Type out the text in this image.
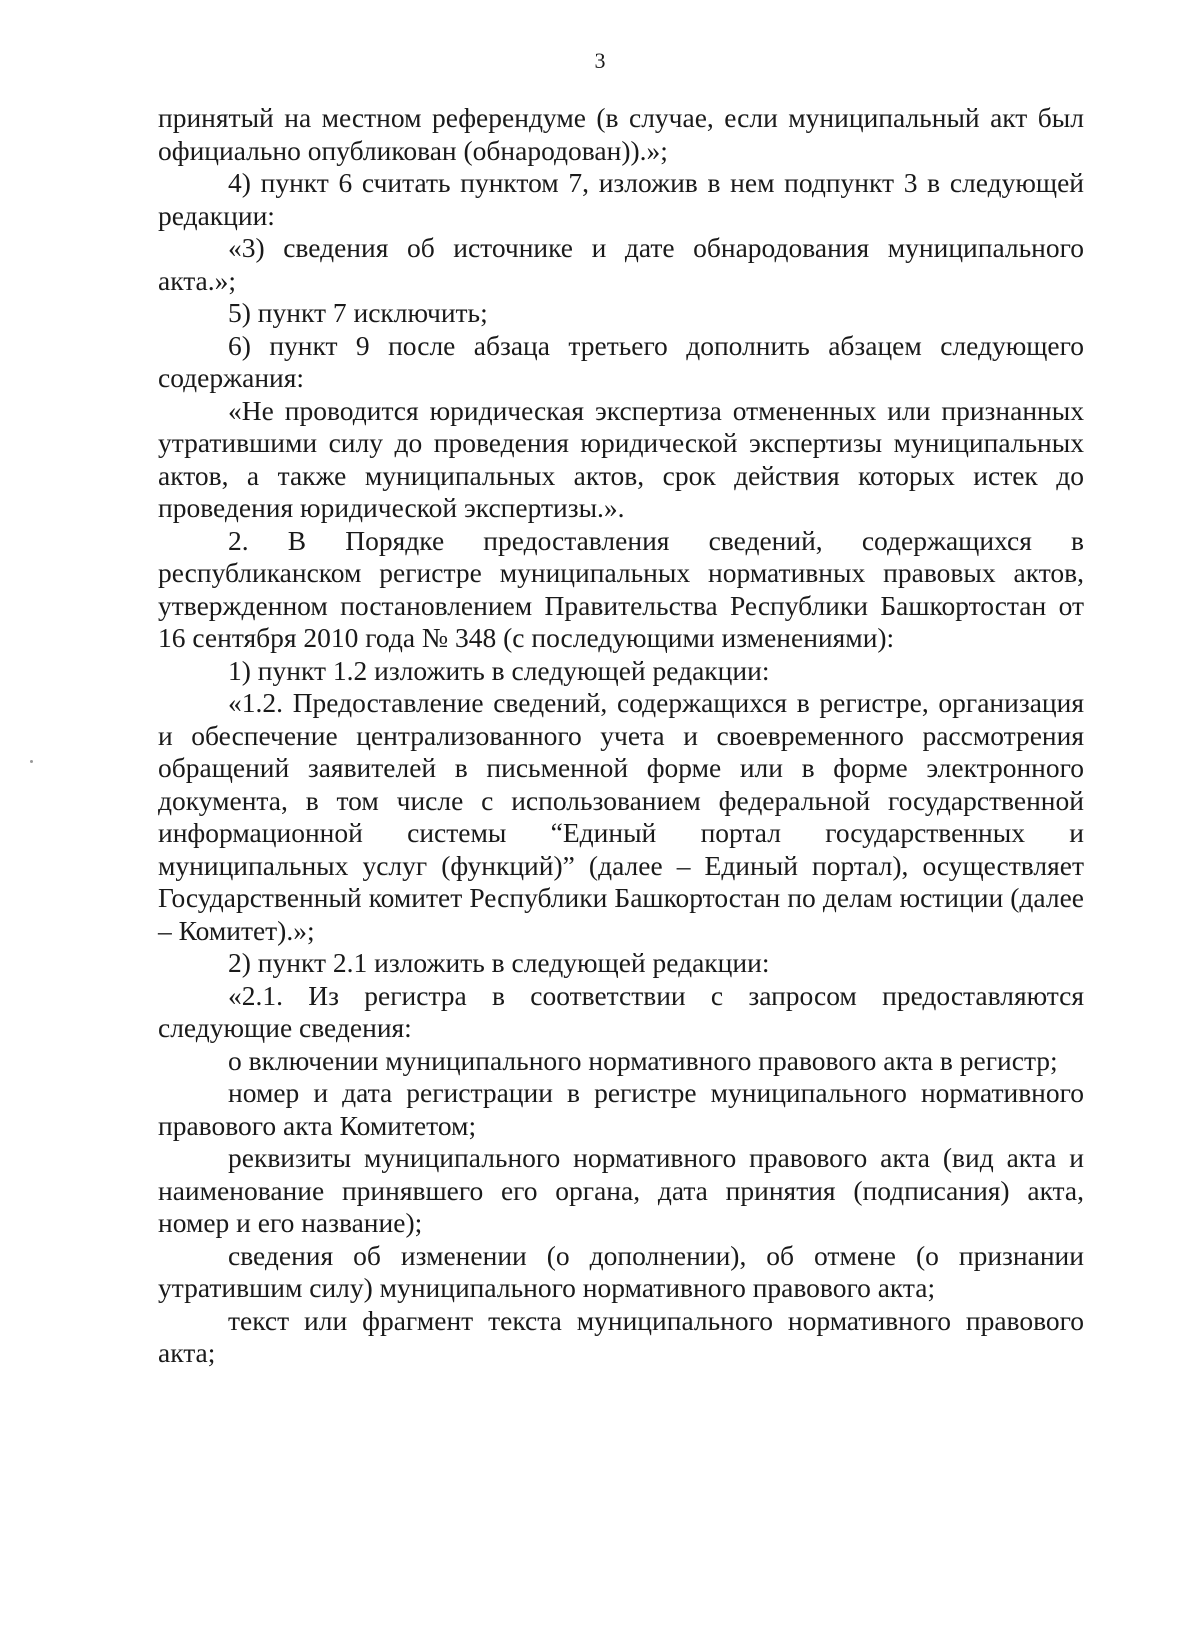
3

принятый на местном референдуме (в случае, если муниципальный акт был официально опубликован (обнародован)).»;

4) пункт 6 считать пунктом 7, изложив в нем подпункт 3 в следующей редакции:

«3) сведения об источнике и дате обнародования муниципального акта.»;

5) пункт 7 исключить;

6) пункт 9 после абзаца третьего дополнить абзацем следующего содержания:

«Не проводится юридическая экспертиза отмененных или признанных утратившими силу до проведения юридической экспертизы муниципальных актов, а также муниципальных актов, срок действия которых истек до проведения юридической экспертизы.».

2. В Порядке предоставления сведений, содержащихся в республиканском регистре муниципальных нормативных правовых актов, утвержденном постановлением Правительства Республики Башкортостан от 16 сентября 2010 года № 348 (с последующими изменениями):

1) пункт 1.2 изложить в следующей редакции:

«1.2. Предоставление сведений, содержащихся в регистре, организация и обеспечение централизованного учета и своевременного рассмотрения обращений заявителей в письменной форме или в форме электронного документа, в том числе с использованием федеральной государственной информационной системы “Единый портал государственных и муниципальных услуг (функций)” (далее – Единый портал), осуществляет Государственный комитет Республики Башкортостан по делам юстиции (далее – Комитет).»;

2) пункт 2.1 изложить в следующей редакции:

«2.1. Из регистра в соответствии с запросом предоставляются следующие сведения:

о включении муниципального нормативного правового акта в регистр;

номер и дата регистрации в регистре муниципального нормативного правового акта Комитетом;

реквизиты муниципального нормативного правового акта (вид акта и наименование принявшего его органа, дата принятия (подписания) акта, номер и его название);

сведения об изменении (о дополнении), об отмене (о признании утратившим силу) муниципального нормативного правового акта;

текст или фрагмент текста муниципального нормативного правового акта;
